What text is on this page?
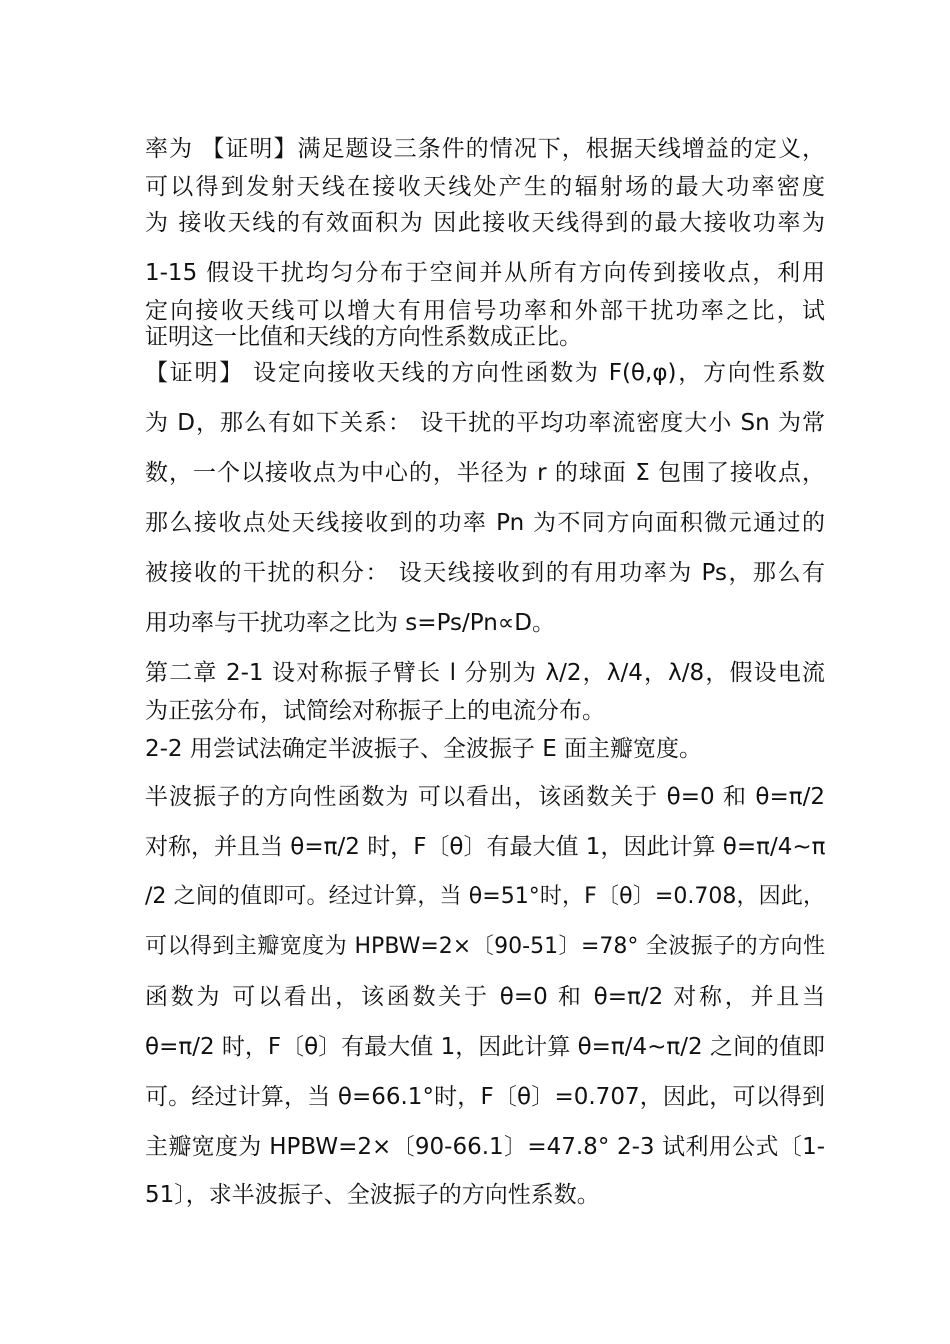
率为 【证明】满足题设三条件的情况下，根据天线增益的定义，
可以得到发射天线在接收天线处产生的辐射场的最大功率密度
为 接收天线的有效面积为 因此接收天线得到的最大接收功率为
1-15 假设干扰均匀分布于空间并从所有方向传到接收点，利用
定向接收天线可以增大有用信号功率和外部干扰功率之比，试
证明这一比值和天线的方向性系数成正比。
【证明】 设定向接收天线的方向性函数为 F(θ,φ)，方向性系数
为 D，那么有如下关系： 设干扰的平均功率流密度大小 Sn 为常
数，一个以接收点为中心的，半径为 r 的球面 Σ 包围了接收点，
那么接收点处天线接收到的功率 Pn 为不同方向面积微元通过的
被接收的干扰的积分： 设天线接收到的有用功率为 Ps，那么有
用功率与干扰功率之比为 s=Ps/Pn∝D。
第二章 2-1 设对称振子臂长 l 分别为 λ/2，λ/4，λ/8，假设电流
为正弦分布，试简绘对称振子上的电流分布。
2-2 用尝试法确定半波振子、全波振子 E 面主瓣宽度。
半波振子的方向性函数为 可以看出，该函数关于 θ=0 和 θ=π/2
对称，并且当 θ=π/2 时，F〔θ〕有最大值 1，因此计算 θ=π/4~π
/2 之间的值即可。经过计算，当 θ=51°时，F〔θ〕=0.708，因此，
可以得到主瓣宽度为 HPBW=2×〔90-51〕=78° 全波振子的方向性
函数为 可以看出，该函数关于 θ=0 和 θ=π/2 对称，并且当
θ=π/2 时，F〔θ〕有最大值 1，因此计算 θ=π/4~π/2 之间的值即
可。经过计算，当 θ=66.1°时，F〔θ〕=0.707，因此，可以得到
主瓣宽度为 HPBW=2×〔90-66.1〕=47.8° 2-3 试利用公式〔1-
51〕，求半波振子、全波振子的方向性系数。
